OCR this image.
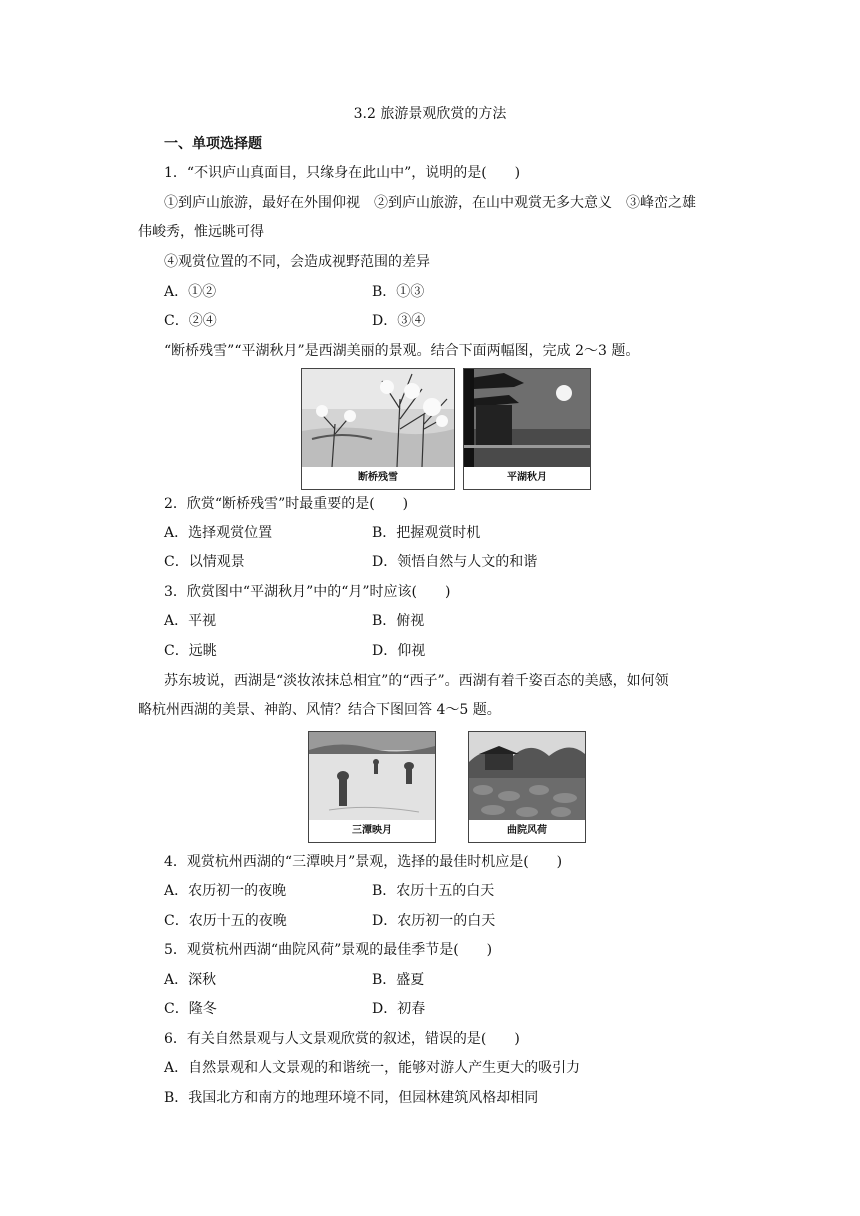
3.2 旅游景观欣赏的方法
一、单项选择题
1．“不识庐山真面目，只缘身在此山中”，说明的是(　　)
①到庐山旅游，最好在外围仰视　②到庐山旅游，在山中观赏无多大意义　③峰峦之雄
伟峻秀，惟远眺可得
④观赏位置的不同，会造成视野范围的差异
A．①②	B．①③
C．②④	D．③④
“断桥残雪”“平湖秋月”是西湖美丽的景观。结合下面两幅图，完成 2～3 题。
断桥残雪	平湖秋月
2．欣赏“断桥残雪”时最重要的是(　　)
A．选择观赏位置	B．把握观赏时机
C．以情观景	D．领悟自然与人文的和谐
3．欣赏图中“平湖秋月”中的“月”时应该(　　)
A．平视	B．俯视
C．远眺	D．仰视
苏东坡说，西湖是“淡妆浓抹总相宜”的“西子”。西湖有着千姿百态的美感，如何领
略杭州西湖的美景、神韵、风情？结合下图回答 4～5 题。
三潭映月	曲院风荷
4．观赏杭州西湖的“三潭映月”景观，选择的最佳时机应是(　　)
A．农历初一的夜晚	B．农历十五的白天
C．农历十五的夜晚	D．农历初一的白天
5．观赏杭州西湖“曲院风荷”景观的最佳季节是(　　)
A．深秋	B．盛夏
C．隆冬	D．初春
6．有关自然景观与人文景观欣赏的叙述，错误的是(　　)
A．自然景观和人文景观的和谐统一，能够对游人产生更大的吸引力
B．我国北方和南方的地理环境不同，但园林建筑风格却相同
